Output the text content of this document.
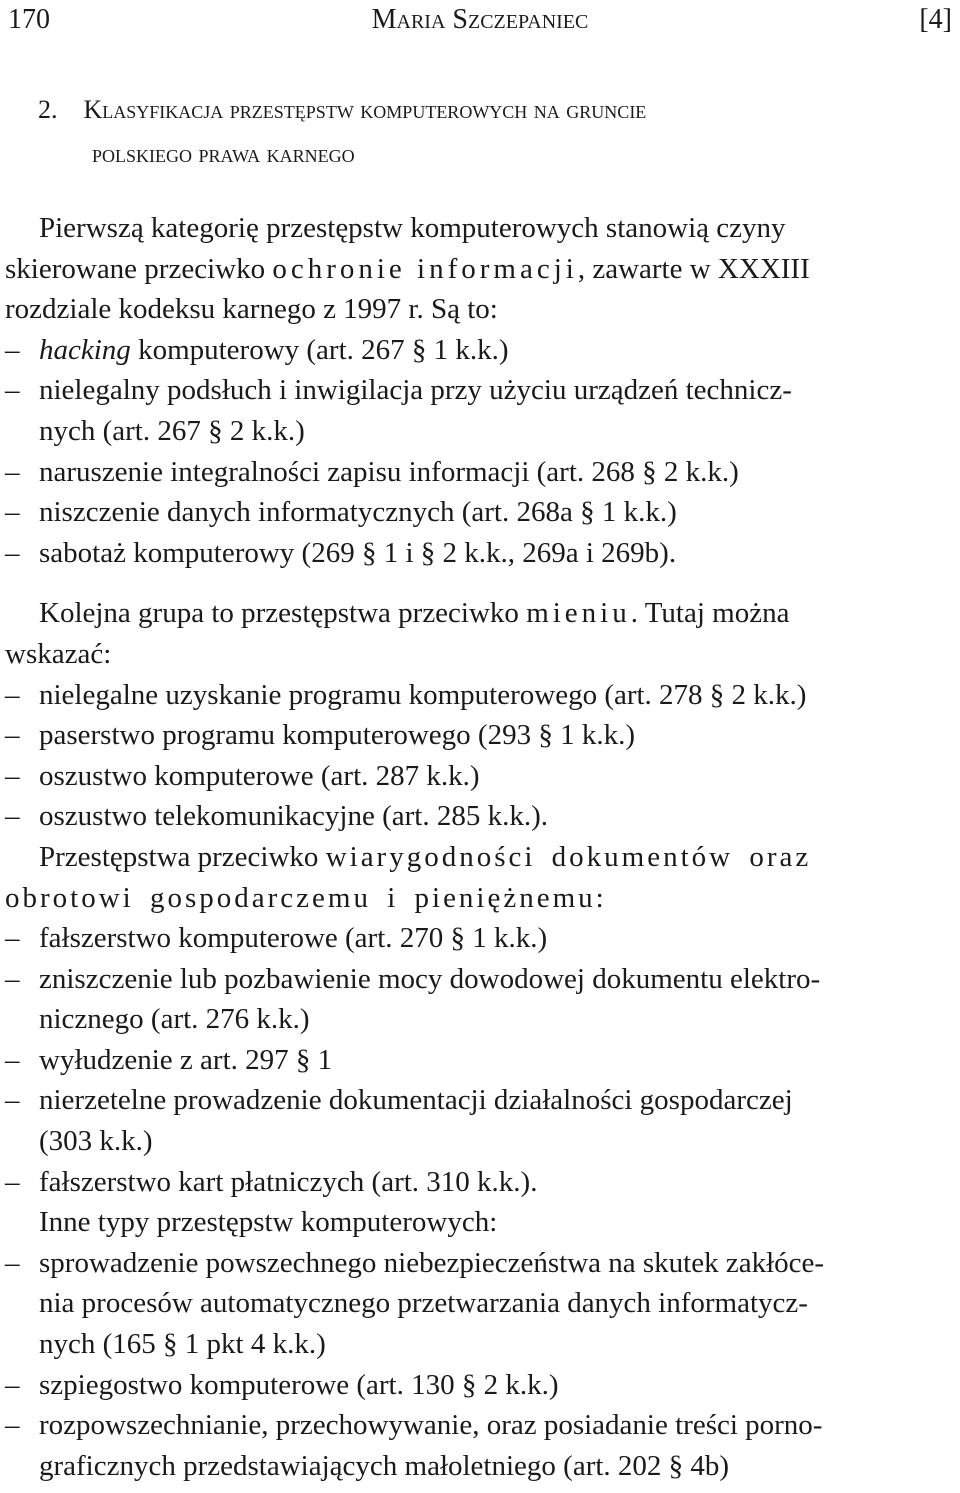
170	Maria Szczepaniec	[4]
2. Klasyfikacja przestępstw komputerowych na gruncie
polskiego prawa karnego
Pierwszą kategorię przestępstw komputerowych stanowią czyny
skierowane przeciwko ochronie informacji, zawarte w XXXIII
rozdziale kodeksu karnego z 1997 r. Są to:
– hacking komputerowy (art. 267 § 1 k.k.)
– nielegalny podsłuch i inwigilacja przy użyciu urządzeń technicz-
nych (art. 267 § 2 k.k.)
– naruszenie integralności zapisu informacji (art. 268 § 2 k.k.)
– niszczenie danych informatycznych (art. 268a § 1 k.k.)
– sabotaż komputerowy (269 § 1 i § 2 k.k., 269a i 269b).
Kolejna grupa to przestępstwa przeciwko mieniu. Tutaj można
wskazać:
– nielegalne uzyskanie programu komputerowego (art. 278 § 2 k.k.)
– paserstwo programu komputerowego (293 § 1 k.k.)
– oszustwo komputerowe (art. 287 k.k.)
– oszustwo telekomunikacyjne (art. 285 k.k.).
Przestępstwa przeciwko wiarygodności dokumentów oraz
obrotowi gospodarczemu i pieniężnemu:
– fałszerstwo komputerowe (art. 270 § 1 k.k.)
– zniszczenie lub pozbawienie mocy dowodowej dokumentu elektro-
nicznego (art. 276 k.k.)
– wyłudzenie z art. 297 § 1
– nierzetelne prowadzenie dokumentacji działalności gospodarczej
(303 k.k.)
– fałszerstwo kart płatniczych (art. 310 k.k.).
Inne typy przestępstw komputerowych:
– sprowadzenie powszechnego niebezpieczeństwa na skutek zakłóce-
nia procesów automatycznego przetwarzania danych informatycz-
nych (165 § 1 pkt 4 k.k.)
– szpiegostwo komputerowe (art. 130 § 2 k.k.)
– rozpowszechnianie, przechowywanie, oraz posiadanie treści porno-
graficznych przedstawiających małoletniego (art. 202 § 4b)
